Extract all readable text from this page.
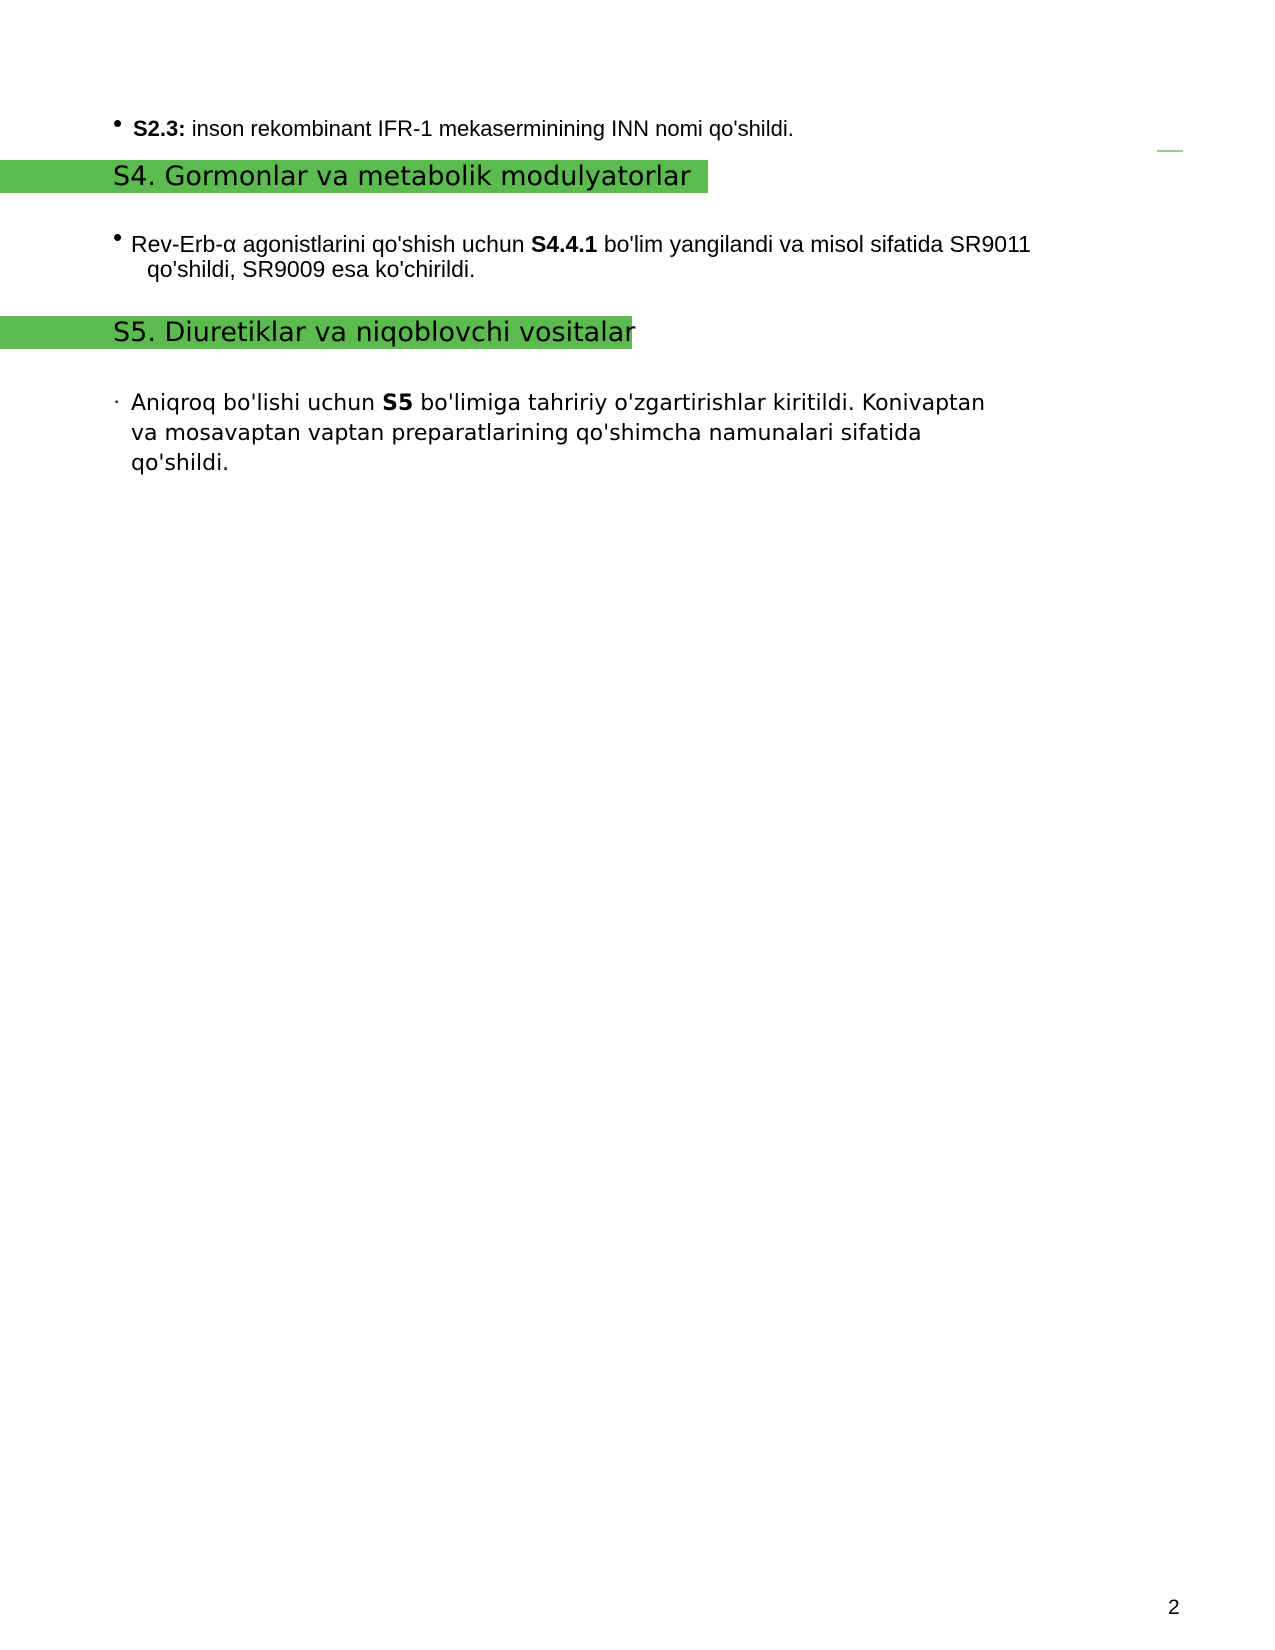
• S2.3: inson rekombinant IFR-1 mekaserminining INN nomi qo'shildi.
S4. Gormonlar va metabolik modulyatorlar
• Rev-Erb-α agonistlarini qo'shish uchun S4.4.1 bo'lim yangilandi va misol sifatida SR9011
qo'shildi, SR9009 esa ko'chirildi.
S5. Diuretiklar va niqoblovchi vositalar
· Aniqroq bo'lishi uchun S5 bo'limiga tahririy o'zgartirishlar kiritildi. Konivaptan
va mosavaptan vaptan preparatlarining qo'shimcha namunalari sifatida
qo'shildi.
2
